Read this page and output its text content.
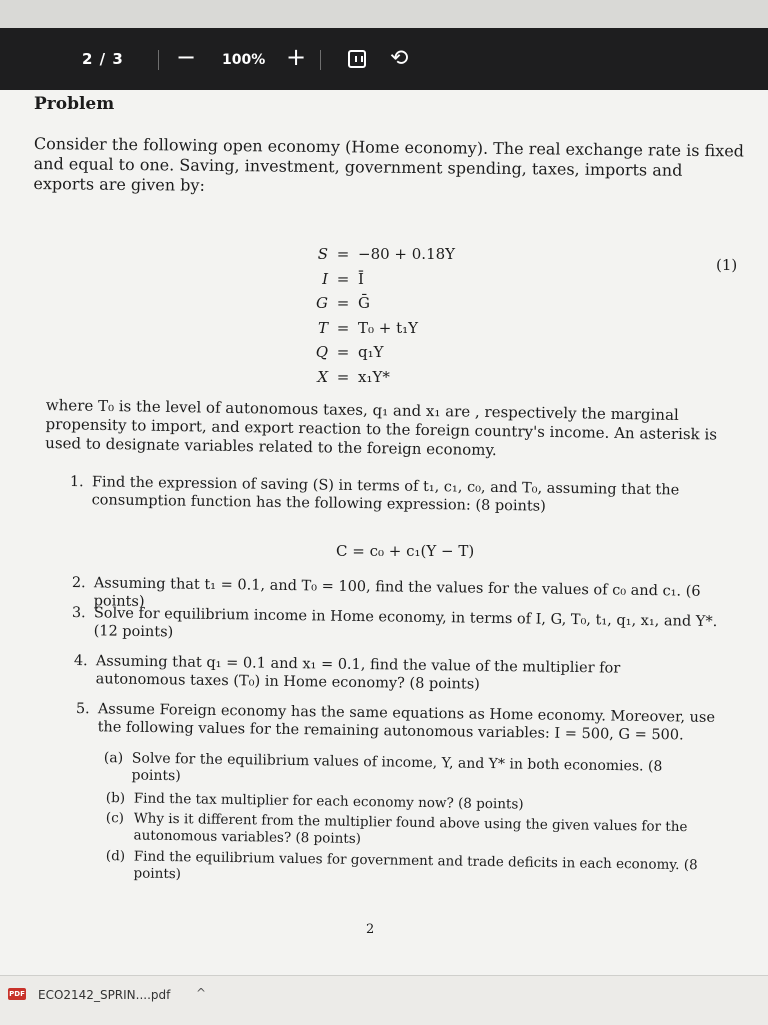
2 / 3 − 100% +	⟲
Problem
Consider the following open economy (Home economy). The real exchange rate is fixed and equal to one. Saving, investment, government spending, taxes, imports and exports are given by:
S = −80 + 0.18Y
I = Ī
G = Ḡ
T = T₀ + t₁Y
Q = q₁Y
X = x₁Y*
(1)
where T₀ is the level of autonomous taxes, q₁ and x₁ are , respectively the marginal propensity to import, and export reaction to the foreign country's income. An asterisk is used to designate variables related to the foreign economy.
1. Find the expression of saving (S) in terms of t₁, c₁, c₀, and T₀, assuming that the consumption function has the following expression: (8 points)
C = c₀ + c₁(Y − T)
2. Assuming that t₁ = 0.1, and T₀ = 100, find the values for the values of c₀ and c₁. (6 points)
3. Solve for equilibrium income in Home economy, in terms of I, G, T₀, t₁, q₁, x₁, and Y*. (12 points)
4. Assuming that q₁ = 0.1 and x₁ = 0.1, find the value of the multiplier for autonomous taxes (T₀) in Home economy? (8 points)
5. Assume Foreign economy has the same equations as Home economy. Moreover, use the following values for the remaining autonomous variables: I = 500, G = 500.
(a) Solve for the equilibrium values of income, Y, and Y* in both economies. (8 points)
(b) Find the tax multiplier for each economy now? (8 points)
(c) Why is it different from the multiplier found above using the given values for the autonomous variables? (8 points)
(d) Find the equilibrium values for government and trade deficits in each economy. (8 points)
2
PDF ECO2142_SPRIN....pdf ^
